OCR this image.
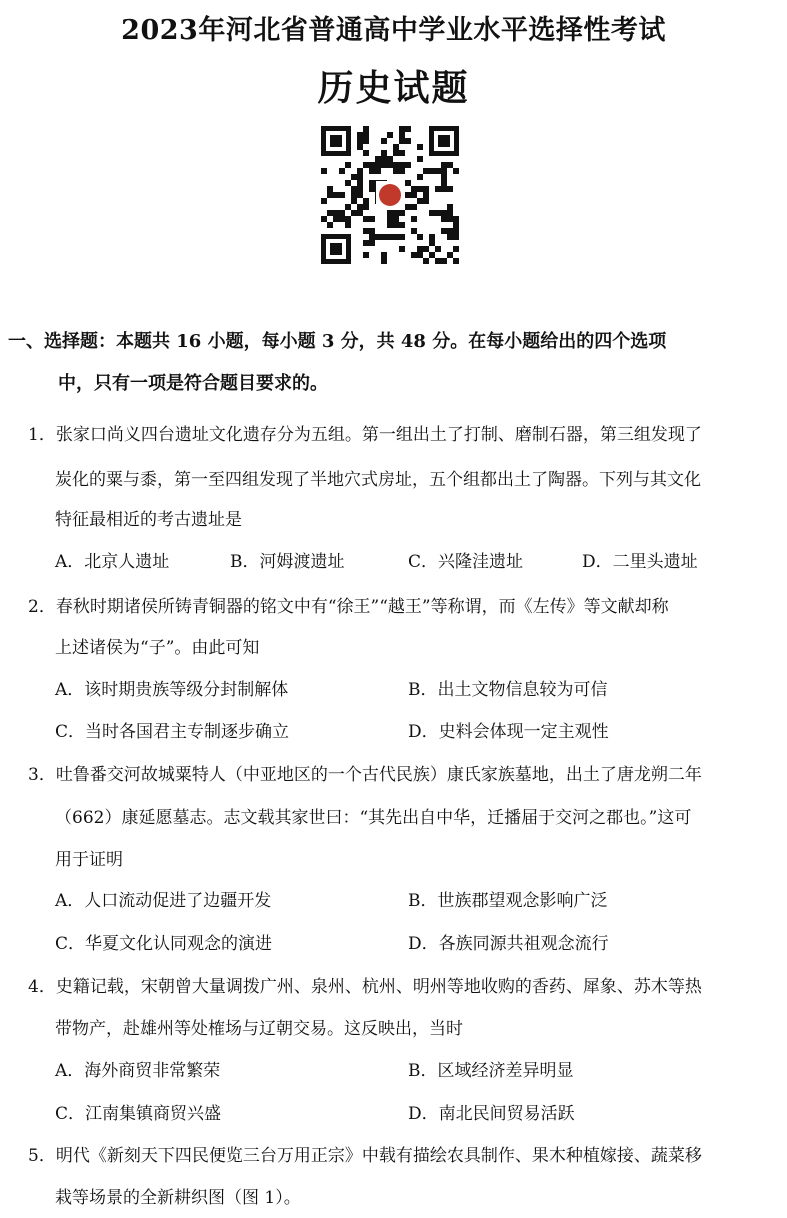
2023年河北省普通高中学业水平选择性考试
历史试题
一、选择题：本题共 16 小题，每小题 3 分，共 48 分。在每小题给出的四个选项
中，只有一项是符合题目要求的。
1．张家口尚义四台遗址文化遗存分为五组。第一组出土了打制、磨制石器，第三组发现了
炭化的粟与黍，第一至四组发现了半地穴式房址，五个组都出土了陶器。下列与其文化
特征最相近的考古遗址是
A．北京人遗址	B．河姆渡遗址	C．兴隆洼遗址	D．二里头遗址
2．春秋时期诸侯所铸青铜器的铭文中有“徐王”“越王”等称谓，而《左传》等文献却称
上述诸侯为“子”。由此可知
A．该时期贵族等级分封制解体	B．出土文物信息较为可信
C．当时各国君主专制逐步确立	D．史料会体现一定主观性
3．吐鲁番交河故城粟特人（中亚地区的一个古代民族）康氏家族墓地，出土了唐龙朔二年
（662）康延愿墓志。志文载其家世曰：“其先出自中华，迁播届于交河之郡也。”这可
用于证明
A．人口流动促进了边疆开发	B．世族郡望观念影响广泛
C．华夏文化认同观念的演进	D．各族同源共祖观念流行
4．史籍记载，宋朝曾大量调拨广州、泉州、杭州、明州等地收购的香药、犀象、苏木等热
带物产，赴雄州等处榷场与辽朝交易。这反映出，当时
A．海外商贸非常繁荣	B．区域经济差异明显
C．江南集镇商贸兴盛	D．南北民间贸易活跃
5．明代《新刻天下四民便览三台万用正宗》中载有描绘农具制作、果木种植嫁接、蔬菜移
栽等场景的全新耕织图（图 1）。
